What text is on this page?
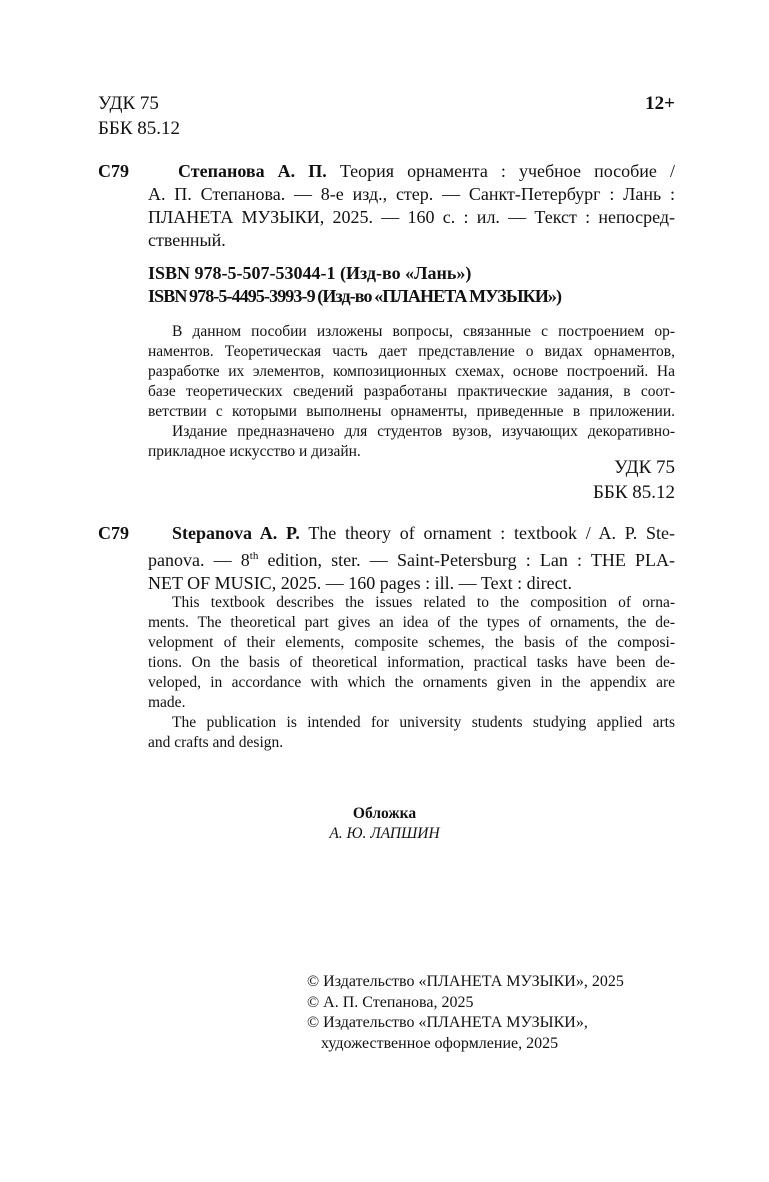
УДК 75
ББК 85.12
12+
С79	Степанова А. П. Теория орнамента : учебное пособие /
А. П. Степанова. — 8-е изд., стер. — Санкт-Петербург : Лань :
ПЛАНЕТА МУЗЫКИ, 2025. — 160 с. : ил. — Текст : непосред-
ственный.
ISBN 978-5-507-53044-1 (Изд-во «Лань»)
ISBN 978-5-4495-3993-9 (Изд-во «ПЛАНЕТА МУЗЫКИ»)
В данном пособии изложены вопросы, связанные с построением ор-
наментов. Теоретическая часть дает представление о видах орнаментов,
разработке их элементов, композиционных схемах, основе построений. На
базе теоретических сведений разработаны практические задания, в соот-
ветствии с которыми выполнены орнаменты, приведенные в приложении.
Издание предназначено для студентов вузов, изучающих декоративно-
прикладное искусство и дизайн.
УДК 75
ББК 85.12
С79	Stepanova A. P. The theory of ornament : textbook / A. P. Ste-
panova. — 8th edition, ster. — Saint-Petersburg : Lan : THE PLA-
NET OF MUSIC, 2025. — 160 pages : ill. — Text : direct.
This textbook describes the issues related to the composition of orna-
ments. The theoretical part gives an idea of the types of ornaments, the de-
velopment of their elements, composite schemes, the basis of the composi-
tions. On the basis of theoretical information, practical tasks have been de-
veloped, in accordance with which the ornaments given in the appendix are
made.
The publication is intended for university students studying applied arts
and crafts and design.
Обложка
А. Ю. ЛАПШИН
© Издательство «ПЛАНЕТА МУЗЫКИ», 2025
© А. П. Степанова, 2025
© Издательство «ПЛАНЕТА МУЗЫКИ»,
художественное оформление, 2025
